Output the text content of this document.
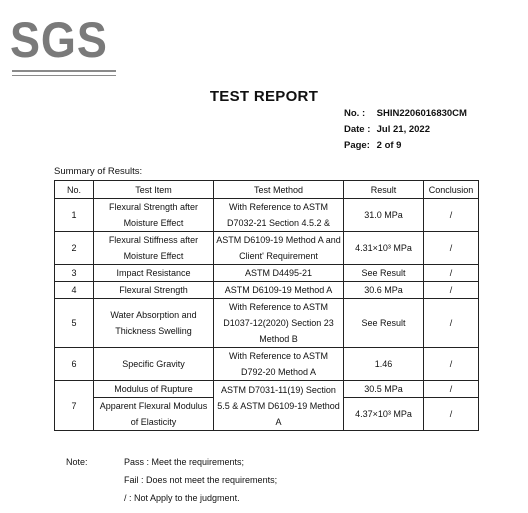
SGS
TEST REPORT
No. : SHIN2206016830CM
Date : Jul 21, 2022
Page: 2 of 9
Summary of Results:
No.	Test Item	Test Method	Result	Conclusion
1	Flexural Strength after Moisture Effect	With Reference to ASTM D7032-21 Section 4.5.2 &	31.0 MPa	/
2	Flexural Stiffness after Moisture Effect	ASTM D6109-19 Method A and Client' Requirement	4.31×10³ MPa	/
3	Impact Resistance	ASTM D4495-21	See Result	/
4	Flexural Strength	ASTM D6109-19 Method A	30.6 MPa	/
5	Water Absorption and Thickness Swelling	With Reference to ASTM D1037-12(2020) Section 23 Method B	See Result	/
6	Specific Gravity	With Reference to ASTM D792-20 Method A	1.46	/
7	Modulus of Rupture	ASTM D7031-11(19) Section 5.5 & ASTM D6109-19 Method A	30.5 MPa	/
	Apparent Flexural Modulus of Elasticity		4.37×10³ MPa	/
Note:	Pass : Meet the requirements;
Fail : Does not meet the requirements;
/ : Not Apply to the judgment.
